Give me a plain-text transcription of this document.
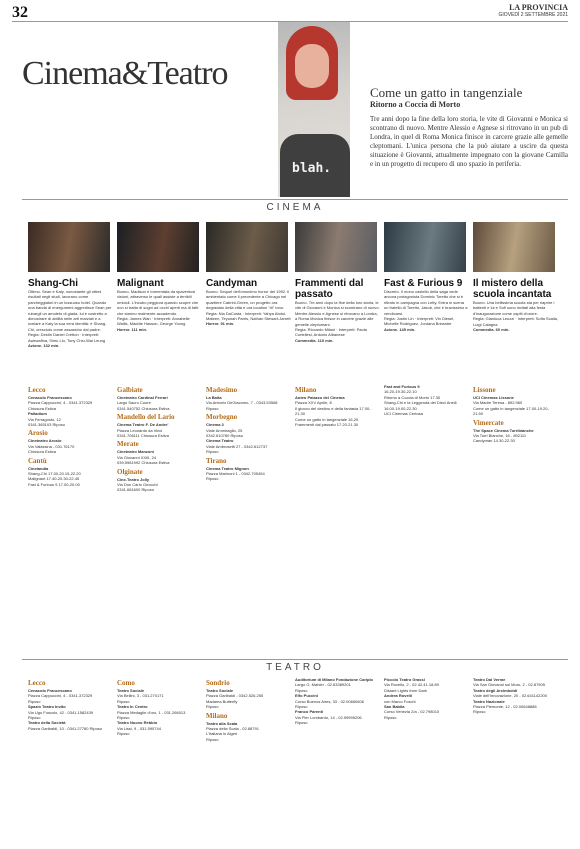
32	LA PROVINCIA
GIOVEDÌ 2 SETTEMBRE 2021
Cinema&Teatro
blah.
Come un gatto in tangenziale
Ritorno a Coccia di Morto
Tre anni dopo la fine della loro storia, le vite di Giovanni e Monica si scontrano di nuovo. Mentre Alessio e Agnese si ritrovano in un pub di Londra, in quel di Roma Monica finisce in carcere grazie alle gemelle cleptomani. L'unica persona che la può aiutare a uscire da questa situazione è Giovanni, attualmente impegnato con la giovane Camilla e in un progetto di recupero di uno spazio in periferia.
CINEMA
Shang-Chi
Ottimo. Sean e Katy, nonostante gli ottimi risultati negli studi, lavorano come parcheggiatori in un lussuoso hotel. Quando una banda di energumeni aggredisce Sean per rubargli un amuleto di giada, lui è costretto a dimostrare di abilità nelle arti marziali e a svelare a Katy la sua vera identità: è Shang-Chi, cresciuto come assassino dal padre.
Regia: Destin Daniel Cretton · Interpreti: Awkwafina, Simu Liu, Tony Chiu-Wai Leung
Azione. 132 min.
Malignant
Buono. Madison è tormentata da spaventosi visioni, attraverso le quali assiste a terribili omicidi. L'incubo peggiora quando scopre che non si tratta di sogni ad occhi aperti ma di fatti che stanno realmente accadendo.
Regia: James Wan · Interpreti: Annabelle Wallis, Maddie Hasson, George Young
Horror. 111 min.
Candyman
Buono. Sequel dell'omonimo horror del 1992. Il ambientato come il precedente a Chicago nel quartiere Cabrini-Green, un progetto ora degradato della città e ora location "di" tono.
Regia: Nia DaCosta · Interpreti: Yahya Abdul-Mateen, Teyonah Parris, Nathan Stewart-Jarrett
Horror. 91 min.
Frammenti dal passato
Buono. Tre anni dopo la fine della loro storia, le vite di Giovanni e Monica si scontrano di nuovo. Mentre Alessio e Agnese si ritrovano a Londra, a Roma Monica finisce in carcere grazie alle gemelle cleptomani.
Regia: Riccardo Milani · Interpreti: Paola Cortellesi, Antonio Albanese
Commedia. 110 min.
Fast & Furious 9
Discreto. Il mono castello della saga vede ancora protagonista Dominic Toretto che si è ritirato in campagna con Letty. Entra in scena un fratello di Toretto, Jakob, che è bravissimo a vendicarsi.
Regia: Justin Lin · Interpreti: Vin Diesel, Michelle Rodriguez, Jordana Brewster
Azione. 145 min.
Il mistero della scuola incantata
Buono. Una bellissima scuola sta per riaprire i battenti e lui e Sofi sono invitati alla festa d'inaugurazione come ospiti d'onore.
Regia: Gianluca Leuzzi · Interpreti: Sofia Scalia, Luigi Calagna
Commedia. 60 min.
Lecco
Cenacolo Francescano
Piazza Cappuccini, 4 - 0341.372329
Chiusura Estiva
Palladium
Via Ferragosto, 12
0341.365103 Riposo
Arosio
Cineteatro Arosio
Via Valassina - 031.76170
Chiusura Estiva
Cantù
Cinelandia
Shang-Chi 17.00-20.15-22.20
Malignant 17.40-20.30-22.45
Fast & Furious 9 17.00-20.00
Galbiate
Cineteatro Cardinal Ferrari
Largo Sacro Cuore
0341.540752 Chiusura Estiva
Mandello del Lario
Cinema Teatro F. De Andre'
Piazza Leonardo da Vinci
0341.706111 Chiusura Estiva
Merate
Cineteatro Manzoni
Via Giovanni XXIII, 24
039.5981992 Chiusura Estiva
Olginate
Cine-Teatro Jolly
Via Don Carlo Gnocchi
0341.681600 Riposo
Madesimo
La Baita
Via Antonio DeGiacomo, 7 - 0343.53568 Riposo
Morbegno
Cinema 3
Viale Ammiraglio, 25
0342.610780 Riposo
Cinema Teatro
Viale Ambrosetti 27 - 0342.612737
Riposo
Tirano
Cinema Teatro Mignon
Piazza Marinoni 1 - 0342.705454
Riposo
Milano
Anteo Palazzo del Cinema
Piazza XXV Aprile, 8
Il giocco del destino e della fantasia 17.00-21.30
Come un gatto in tangenziale 16.20
Frammenti dal passato 17.20-21.30
Fast and Furious 9
16.20-19.30-22.10
Ritorno a Coccia di Morto 17.30
Shang-Chi e la Leggenda dei Dieci Anelli 16.00-19.00-22.30
UCI Cinemas Certosa
Lissone
UCI Cinemas Lissone
Via Madre Teresa - 892.960
Come un gatto in tangenziale 17.00-19.20-21.50
Vimercate
The Space Cinema Torribianche
Via Torri Bianche, 16 - 892111
Candyman 14.30-22.30
TEATRO
Lecco
Cenacolo Francescano
Piazza Cappuccini, 4 - 0341.372329
Riposo
Spazio Teatro Invito
Via Ugo Foscolo, 42 - 0341.1582439
Riposo
Teatro della Società
Piazza Garibaldi, 10 - 0341.27780 Riposo
Como
Teatro Sociale
Via Bellini, 3 - 031.270171
Riposo
Teatro In Centro
Piazza Medaglie d'oro, 1 - 031.266013
Riposo
Teatro Nuovo Rebbio
Via Lissi, 9 - 031.590744
Riposo
Sondrio
Teatro Sociale
Piazza Garibaldi - 0342.526.255
Madama Butterfly
Riposo
Milano
Teatro alla Scala
Piazza della Scala - 02.88791
L'Italiana in Algeri
Riposo
Auditorium di Milano Fondazione Cariplo
Largo G. Mahler - 02.83389201
Riposo
Elfo Puccini
Corso Buenos Aires, 33 - 02.00660606
Riposo
Franco Parenti
Via Pier Lombardo, 14 - 02.59995206
Riposo
Piccolo Teatro Grassi
Via Rovello, 2 - 02.42.41.18.89
Distant Lights from Dark
Andrea Rovelli
con Marco Foschi
San Babila
Corso Venezia 2/a - 02.798010
Riposo
Teatro Dal Verme
Via San Giovanni sul Muro, 2 - 02.87905
Teatro degli Arcimboldi
Viale dell'Innovazione, 20 - 02.641142200
Teatro Nazionale
Piazza Piemonte, 12 - 02.00648888
Riposo
